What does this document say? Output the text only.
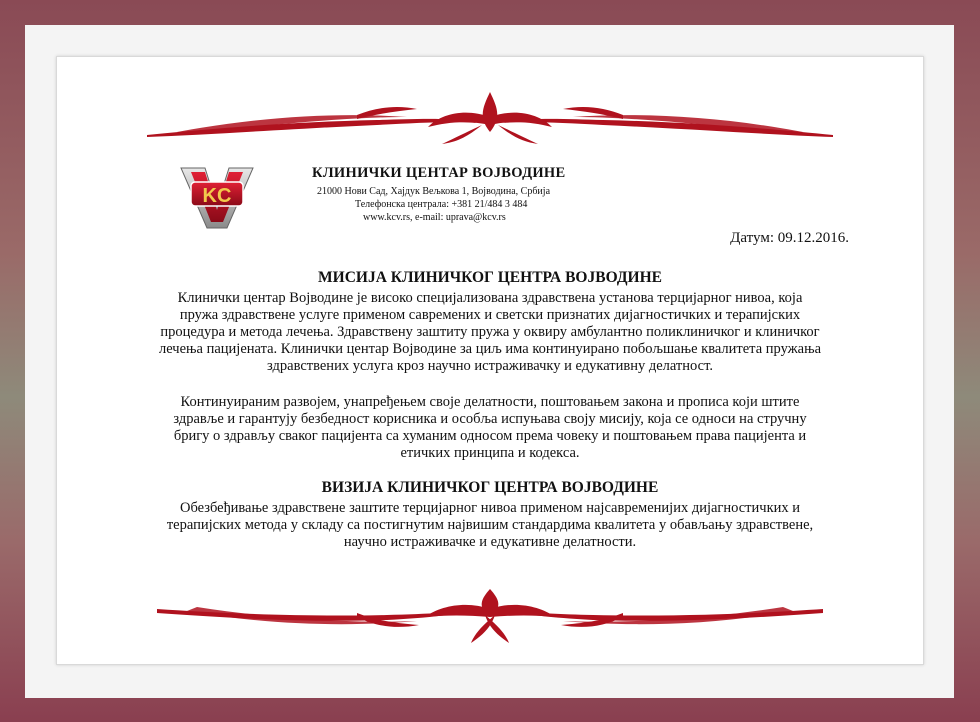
KC
КЛИНИЧКИ ЦЕНТАР ВОЈВОДИНЕ
21000 Нови Сад, Хајдук Вељкова 1, Војводина, Србија
Телефонска централа: +381 21/484 3 484
www.kcv.rs, e-mail: uprava@kcv.rs
Датум: 09.12.2016.
МИСИЈА КЛИНИЧКОГ ЦЕНТРА ВОЈВОДИНЕ
Клинички центар Војводине је високо специјализована здравствена установа терцијарног нивоа, која пружа здравствене услуге применом савремених и светски признатих дијагностичких и терапијских процедура и метода лечења. Здравствену заштиту пружа у оквиру амбулантно поликлиничког и клиничког лечења пацијената. Клинички центар Војводине за циљ има континуирано побољшање квалитета пружања здравствених услуга кроз научно истраживачку и едукативну делатност.
Континуираним развојем, унапређењем своје делатности, поштовањем закона и прописа који штите здравље и гарантују безбедност корисника и особља испуњава своју мисију, која се односи на стручну бригу о здрављу сваког пацијента са хуманим односом према човеку и поштовањем права пацијента и етичких принципа и кодекса.
ВИЗИЈА КЛИНИЧКОГ ЦЕНТРА ВОЈВОДИНЕ
Обезбеђивање здравствене заштите терцијарног нивоа применом најсавременијих дијагностичких и терапијских метода у складу са постигнутим највишим стандардима квалитета у обављању здравствене, научно истраживачке и едукативне делатности.
